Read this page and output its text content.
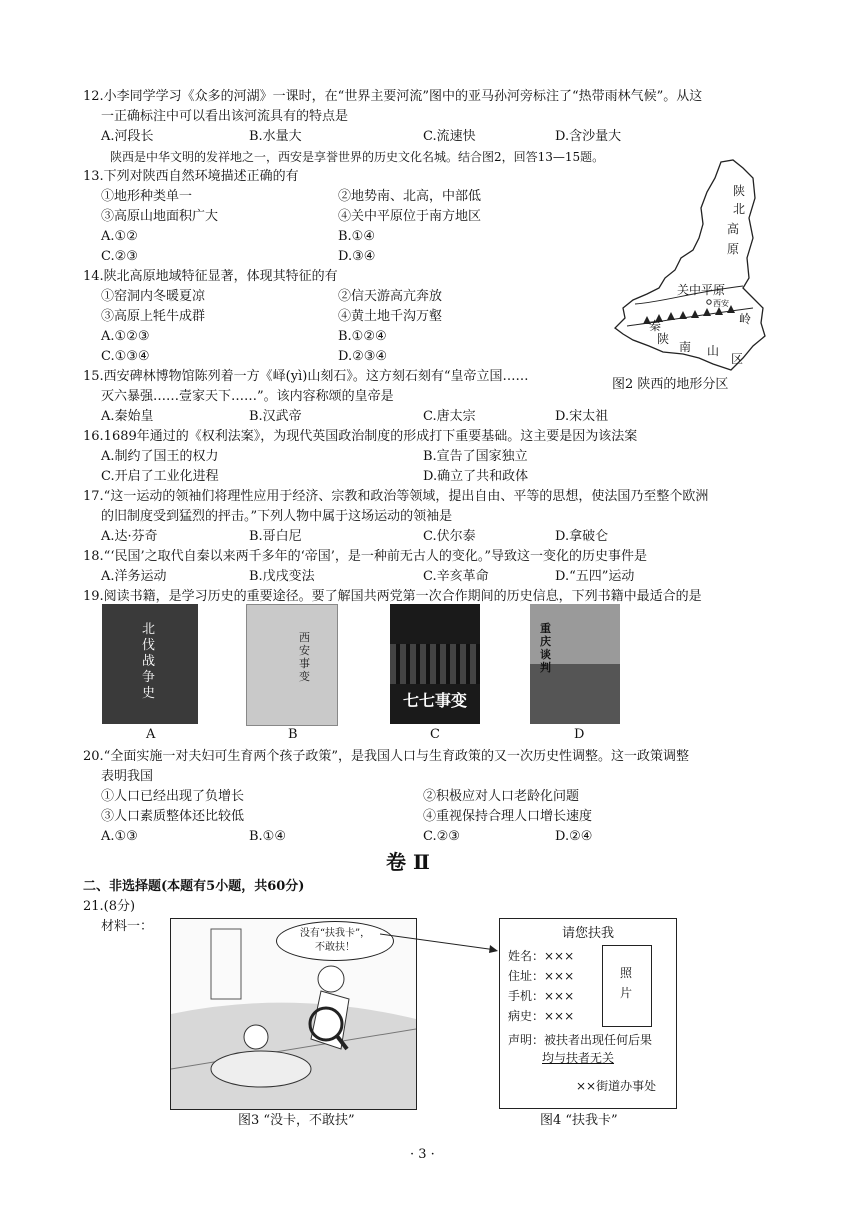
12.小李同学学习《众多的河湖》一课时，在“世界主要河流”图中的亚马孙河旁标注了“热带雨林气候”。从这
一正确标注中可以看出该河流具有的特点是
A.河段长	B.水量大	C.流速快	D.含沙量大
陕西是中华文明的发祥地之一，西安是享誉世界的历史文化名城。结合图2，回答13—15题。
13.下列对陕西自然环境描述正确的有
①地形种类单一	②地势南、北高，中部低
③高原山地面积广大	④关中平原位于南方地区
A.①②	B.①④
C.②③	D.③④
14.陕北高原地域特征显著，体现其特征的有
①窑洞内冬暖夏凉	②信天游高亢奔放
③高原上牦牛成群	④黄土地千沟万壑
A.①②③	B.①②④
C.①③④	D.②③④
陕
北
高
原
关中平原
西安
秦	岭
陕
南 山
区
图2 陕西的地形分区
15.西安碑林博物馆陈列着一方《峄(yì)山刻石》。这方刻石刻有“皇帝立国……
灭六暴强……壹家天下……”。该内容称颂的皇帝是
A.秦始皇	B.汉武帝	C.唐太宗	D.宋太祖
16.1689年通过的《权利法案》，为现代英国政治制度的形成打下重要基础。这主要是因为该法案
A.制约了国王的权力	B.宣告了国家独立
C.开启了工业化进程	D.确立了共和政体
17.“这一运动的领袖们将理性应用于经济、宗教和政治等领域，提出自由、平等的思想，使法国乃至整个欧洲
的旧制度受到猛烈的抨击。”下列人物中属于这场运动的领袖是
A.达·芬奇	B.哥白尼	C.伏尔泰	D.拿破仑
18.“‘民国’之取代自秦以来两千多年的‘帝国’，是一种前无古人的变化。”导致这一变化的历史事件是
A.洋务运动	B.戊戌变法	C.辛亥革命	D.“五四”运动
19.阅读书籍，是学习历史的重要途径。要了解国共两党第一次合作期间的历史信息，下列书籍中最适合的是
北伐战争史
A
西安事变
B
七七事变
C
重庆谈判
D
20.“全面实施一对夫妇可生育两个孩子政策”，是我国人口与生育政策的又一次历史性调整。这一政策调整
表明我国
①人口已经出现了负增长	②积极应对人口老龄化问题
③人口素质整体还比较低	④重视保持合理人口增长速度
A.①③	B.①④	C.②③	D.②④
卷 Ⅱ
二、非选择题(本题有5小题，共60分)
21.(8分)
材料一：	没有“扶我卡”，
不敢扶！
请您扶我
姓名：×××
住址：×××
手机：×××
病史：×××
照
片
声明：被扶者出现任何后果
均与扶者无关
××街道办事处
图3 “没卡，不敢扶”	图4 “扶我卡”
· 3 ·
